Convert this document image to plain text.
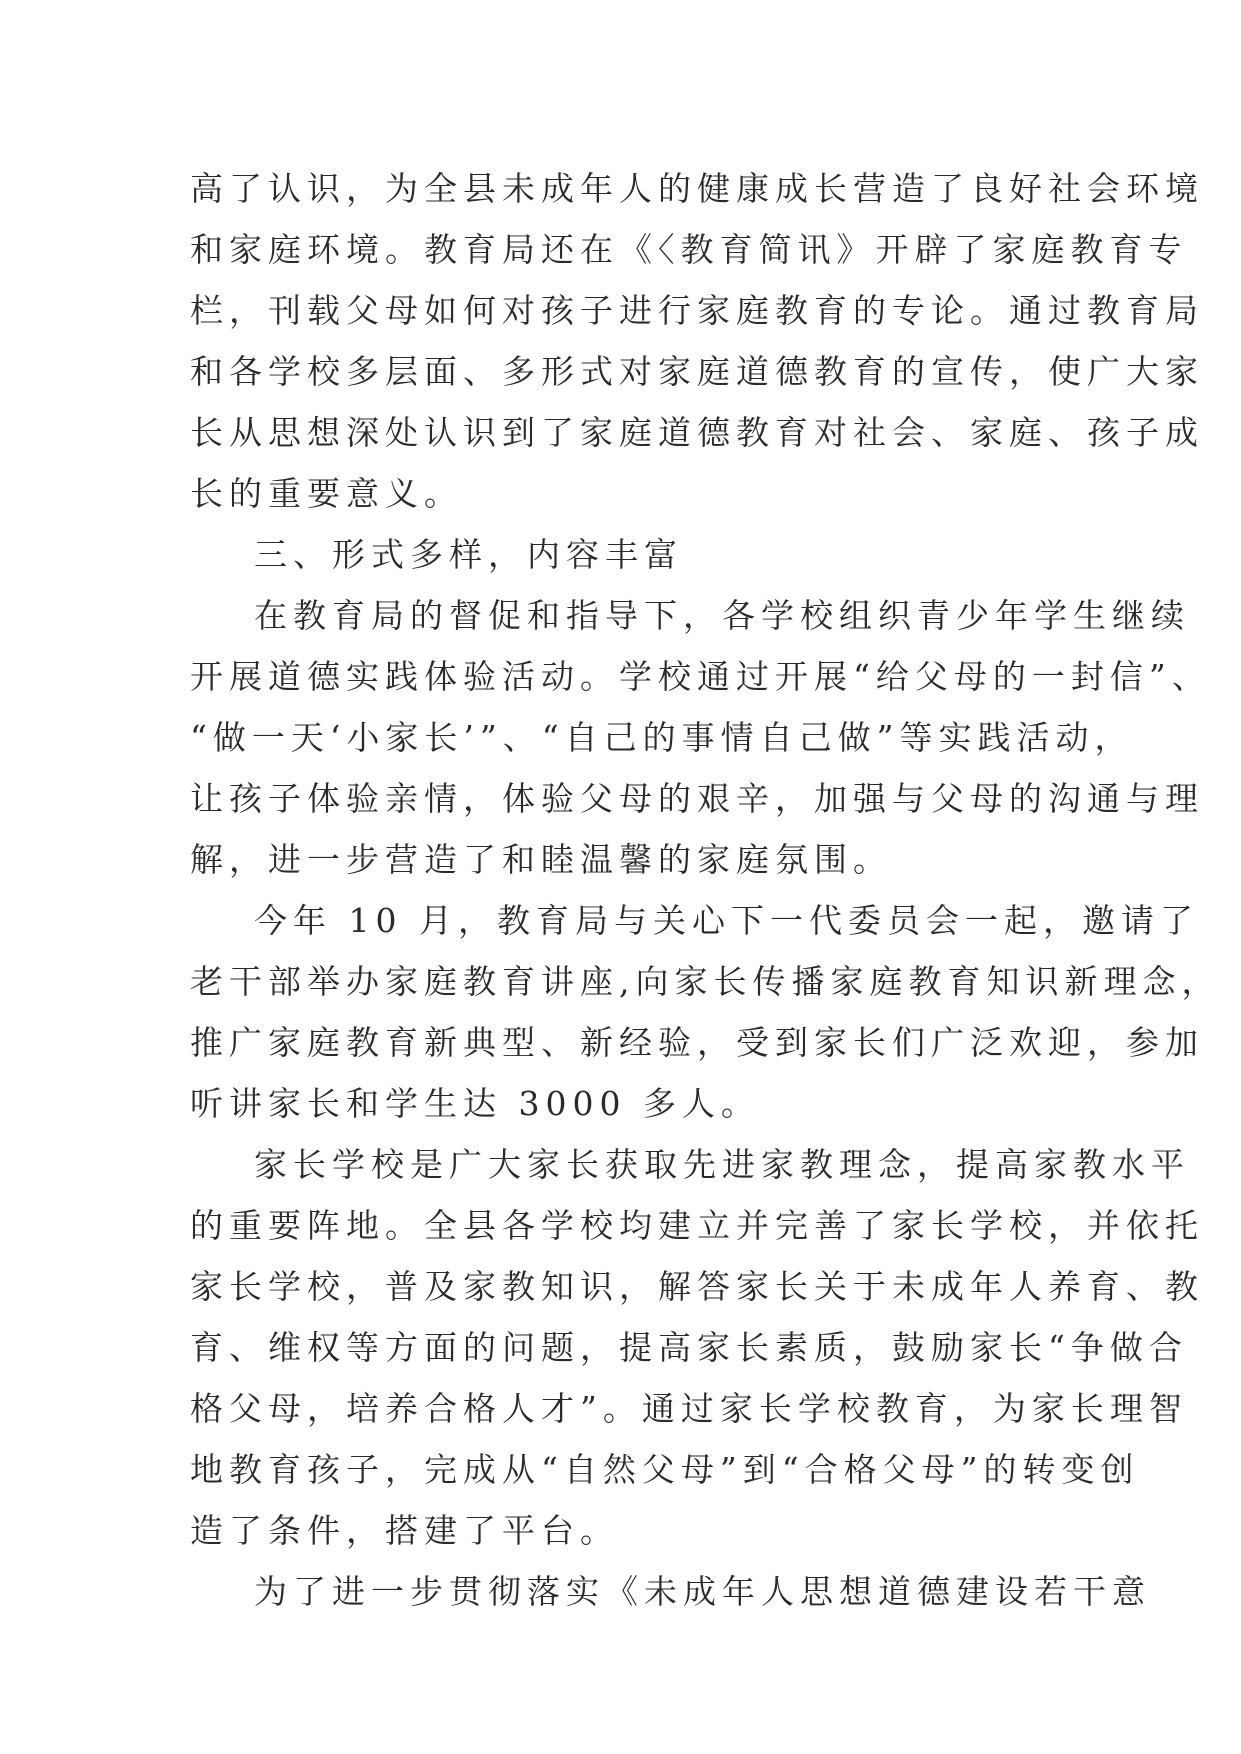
高了认识，为全县未成年人的健康成长营造了良好社会环境
和家庭环境。教育局还在《〈教育简讯》开辟了家庭教育专
栏，刊载父母如何对孩子进行家庭教育的专论。通过教育局
和各学校多层面、多形式对家庭道德教育的宣传，使广大家
长从思想深处认识到了家庭道德教育对社会、家庭、孩子成
长的重要意义。
三、形式多样，内容丰富
在教育局的督促和指导下，各学校组织青少年学生继续
开展道德实践体验活动。学校通过开展“给父母的一封信”、
“做一天‘小家长’”、“自己的事情自己做”等实践活动，
让孩子体验亲情，体验父母的艰辛，加强与父母的沟通与理
解，进一步营造了和睦温馨的家庭氛围。
今年 10 月，教育局与关心下一代委员会一起，邀请了
老干部举办家庭教育讲座,向家长传播家庭教育知识新理念，
推广家庭教育新典型、新经验，受到家长们广泛欢迎，参加
听讲家长和学生达 3000 多人。
家长学校是广大家长获取先进家教理念，提高家教水平
的重要阵地。全县各学校均建立并完善了家长学校，并依托
家长学校，普及家教知识，解答家长关于未成年人养育、教
育、维权等方面的问题，提高家长素质，鼓励家长“争做合
格父母，培养合格人才”。通过家长学校教育，为家长理智
地教育孩子，完成从“自然父母”到“合格父母”的转变创
造了条件，搭建了平台。
为了进一步贯彻落实《未成年人思想道德建设若干意
